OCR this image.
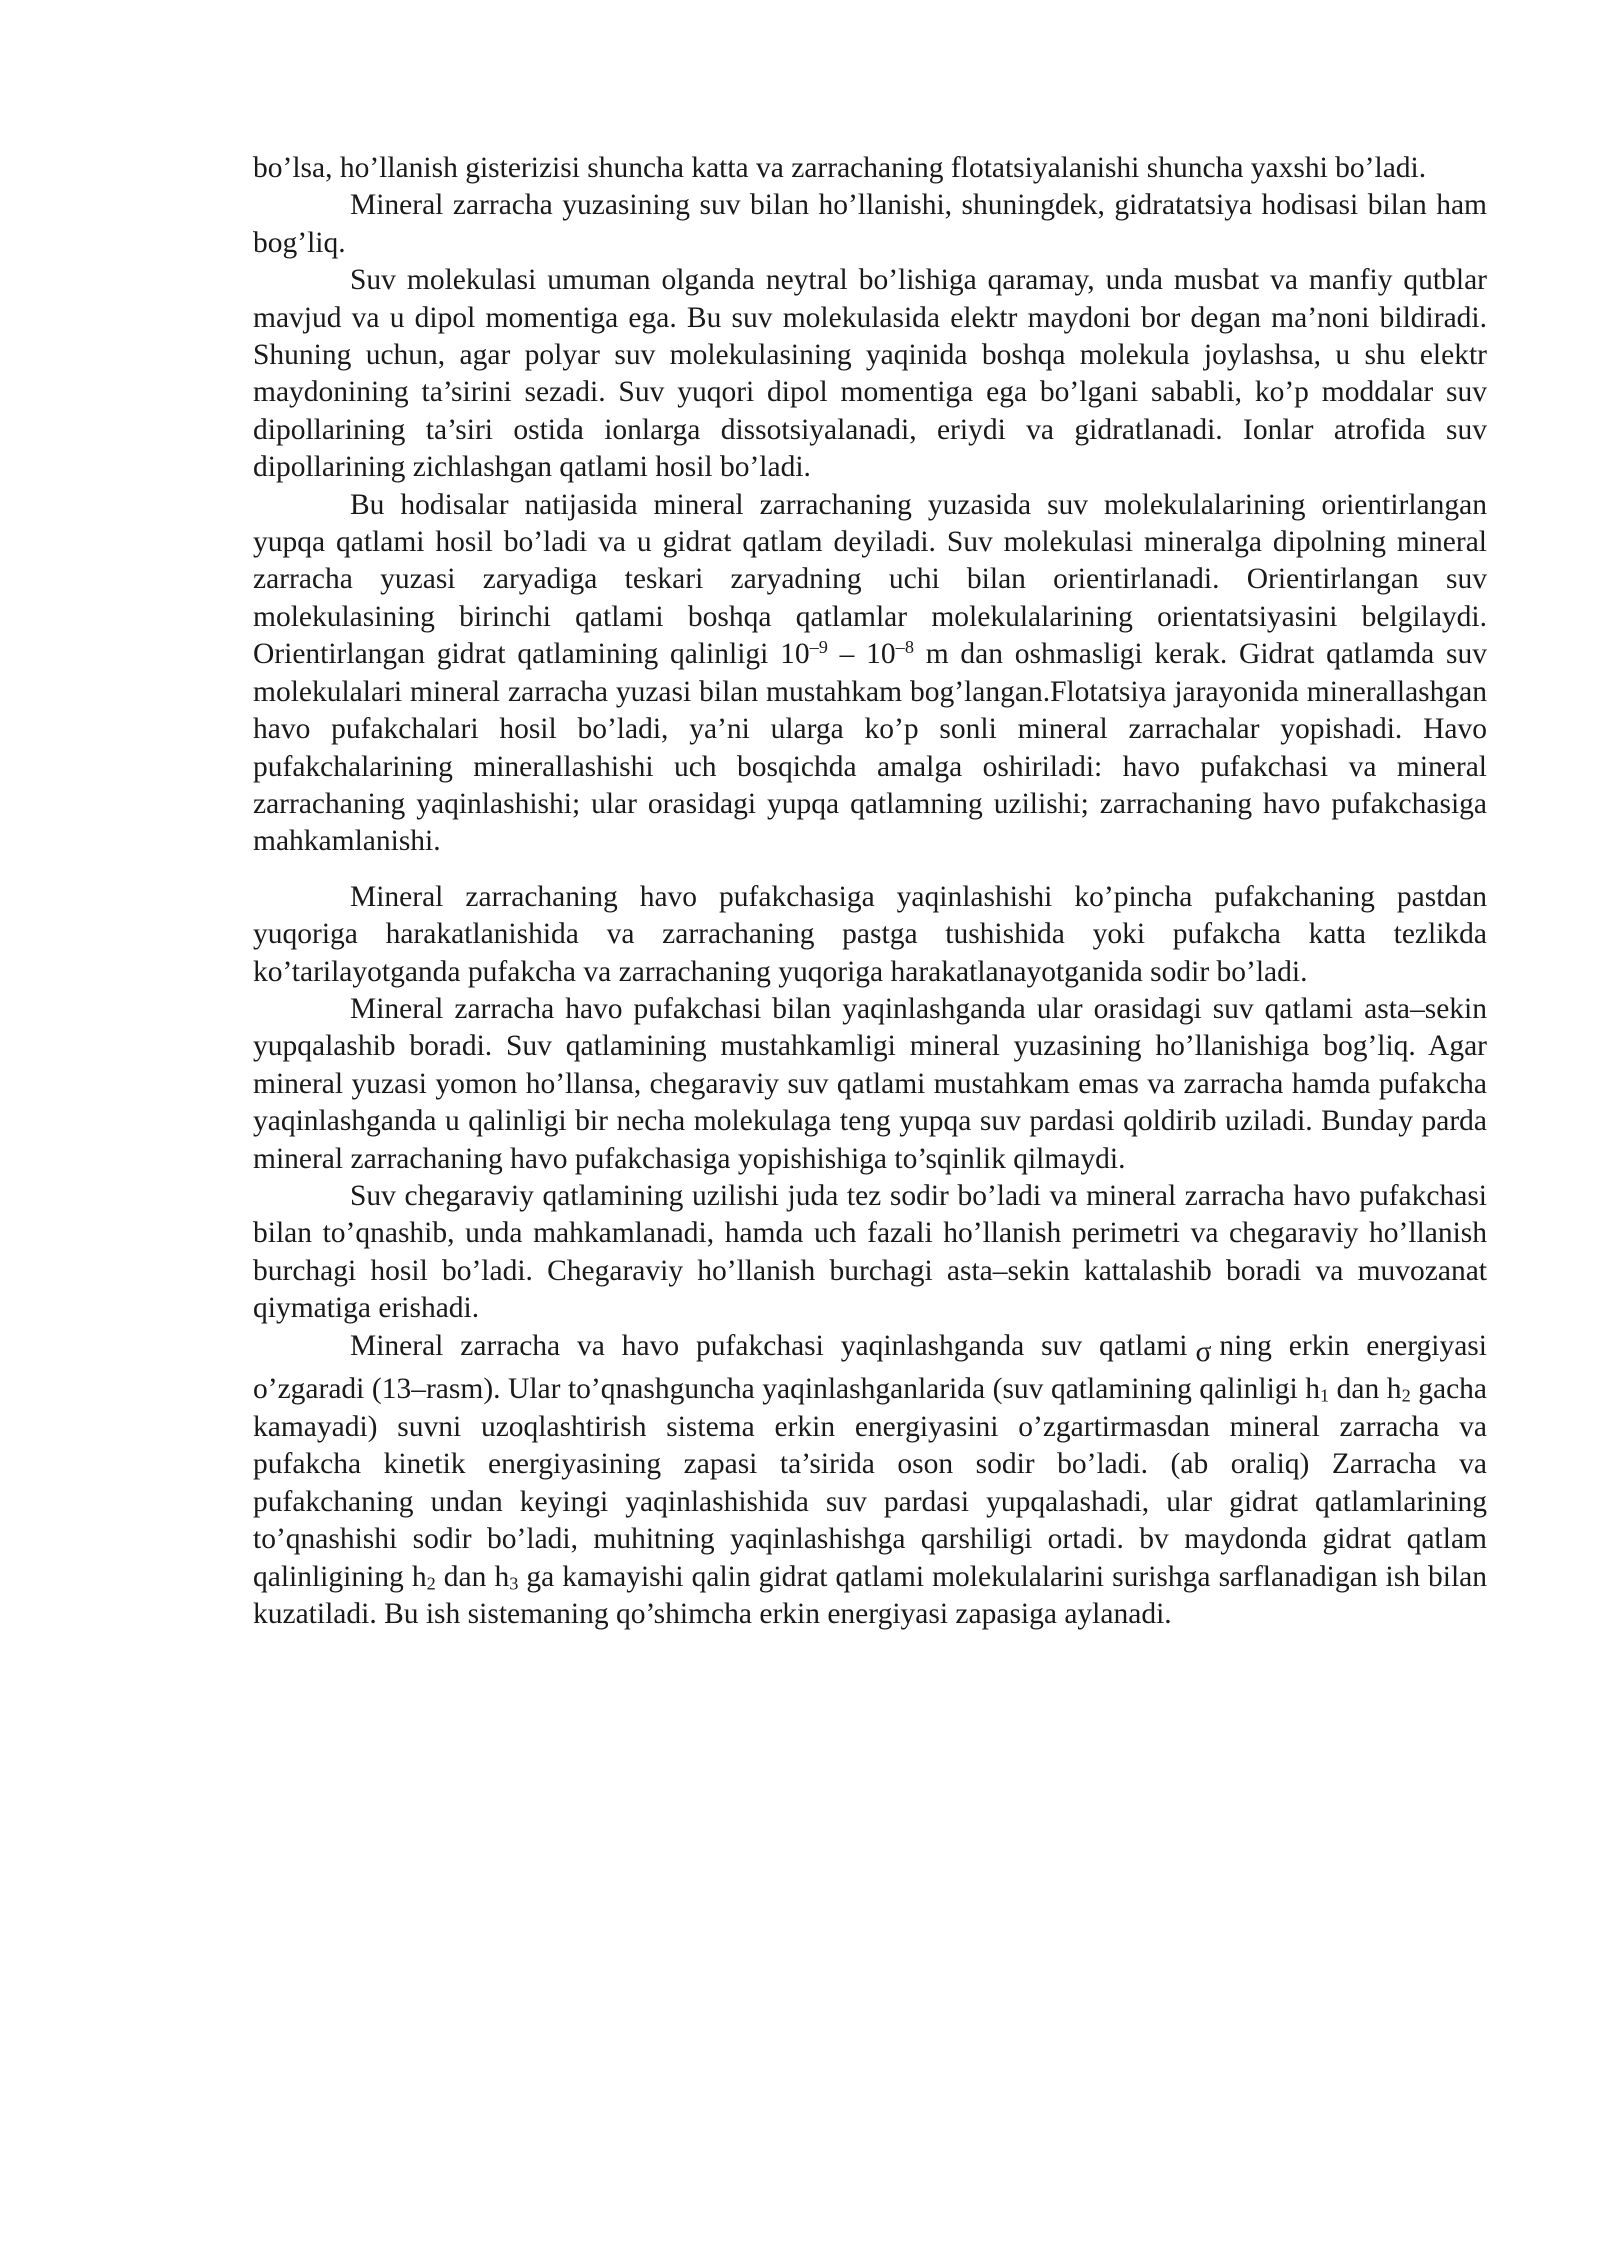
bo’lsa, ho’llanish gisterizisi shuncha katta va zarrachaning flotatsiyalanishi shuncha yaxshi bo’ladi.

Mineral zarracha yuzasining suv bilan ho’llanishi, shuningdek, gidratatsiya hodisasi bilan ham bog’liq.

Suv molekulasi umuman olganda neytral bo’lishiga qaramay, unda musbat va manfiy qutblar mavjud va u dipol momentiga ega. Bu suv molekulasida elektr maydoni bor degan ma’noni bildiradi. Shuning uchun, agar polyar suv molekulasining yaqinida boshqa molekula joylashsa, u shu elektr maydonining ta’sirini sezadi. Suv yuqori dipol momentiga ega bo’lgani sababli, ko’p moddalar suv dipollarining ta’siri ostida ionlarga dissotsiyalanadi, eriydi va gidratlanadi. Ionlar atrofida suv dipollarining zichlashgan qatlami hosil bo’ladi.

Bu hodisalar natijasida mineral zarrachaning yuzasida suv molekulalarining orientirlangan yupqa qatlami hosil bo’ladi va u gidrat qatlam deyiladi. Suv molekulasi mineralga dipolning mineral zarracha yuzasi zaryadiga teskari zaryadning uchi bilan orientirlanadi. Orientirlangan suv molekulasining birinchi qatlami boshqa qatlamlar molekulalarining orientatsiyasini belgilaydi. Orientirlangan gidrat qatlamining qalinligi $10^{-9} - 10^{-8}$ m dan oshmasligi kerak. Gidrat qatlamda suv molekulalari mineral zarracha yuzasi bilan mustahkam bog’langan.Flotatsiya jarayonida minerallashgan havo pufakchalari hosil bo’ladi, ya’ni ularga ko’p sonli mineral zarrachalar yopishadi. Havo pufakchalarining minerallashishi uch bosqichda amalga oshiriladi: havo pufakchasi va mineral zarrachaning yaqinlashishi; ular orasidagi yupqa qatlamning uzilishi; zarrachaning havo pufakchasiga mahkamlanishi.

Mineral zarrachaning havo pufakchasiga yaqinlashishi ko’pincha pufakchaning pastdan yuqoriga harakatlanishida va zarrachaning pastga tushishida yoki pufakcha katta tezlikda ko’tarilayotganda pufakcha va zarrachaning yuqoriga harakatlanayotganida sodir bo’ladi.

Mineral zarracha havo pufakchasi bilan yaqinlashganda ular orasidagi suv qatlami asta–sekin yupqalashib boradi. Suv qatlamining mustahkamligi mineral yuzasining ho’llanishiga bog’liq. Agar mineral yuzasi yomon ho’llansa, chegaraviy suv qatlami mustahkam emas va zarracha hamda pufakcha yaqinlashganda u qalinligi bir necha molekulaga teng yupqa suv pardasi qoldirib uziladi. Bunday parda mineral zarrachaning havo pufakchasiga yopishishiga to’sqinlik qilmaydi.

Suv chegaraviy qatlamining uzilishi juda tez sodir bo’ladi va mineral zarracha havo pufakchasi bilan to’qnashib, unda mahkamlanadi, hamda uch fazali ho’llanish perimetri va chegaraviy ho’llanish burchagi hosil bo’ladi. Chegaraviy ho’llanish burchagi asta–sekin kattalashib boradi va muvozanat qiymatiga erishadi.

Mineral zarracha va havo pufakchasi yaqinlashganda suv qatlami σ ning erkin energiyasi o’zgaradi (13–rasm). Ular to’qnashguncha yaqinlashganlarida (suv qatlamining qalinligi $h_1$ dan $h_2$ gacha kamayadi) suvni uzoqlashtirish sistema erkin energiyasini o’zgartirmasdan mineral zarracha va pufakcha kinetik energiyasining zapasi ta’sirida oson sodir bo’ladi. (ab oraliq) Zarracha va pufakchaning undan keyingi yaqinlashishida suv pardasi yupqalashadi, ular gidrat qatlamlarining to’qnashishi sodir bo’ladi, muhitning yaqinlashishga qarshiligi ortadi. bv maydonda gidrat qatlam qalinligining $h_2$ dan $h_3$ ga kamayishi qalin gidrat qatlami molekulalarini surishga sarflanadigan ish bilan kuzatiladi. Bu ish sistemaning qo’shimcha erkin energiyasi zapasiga aylanadi.
